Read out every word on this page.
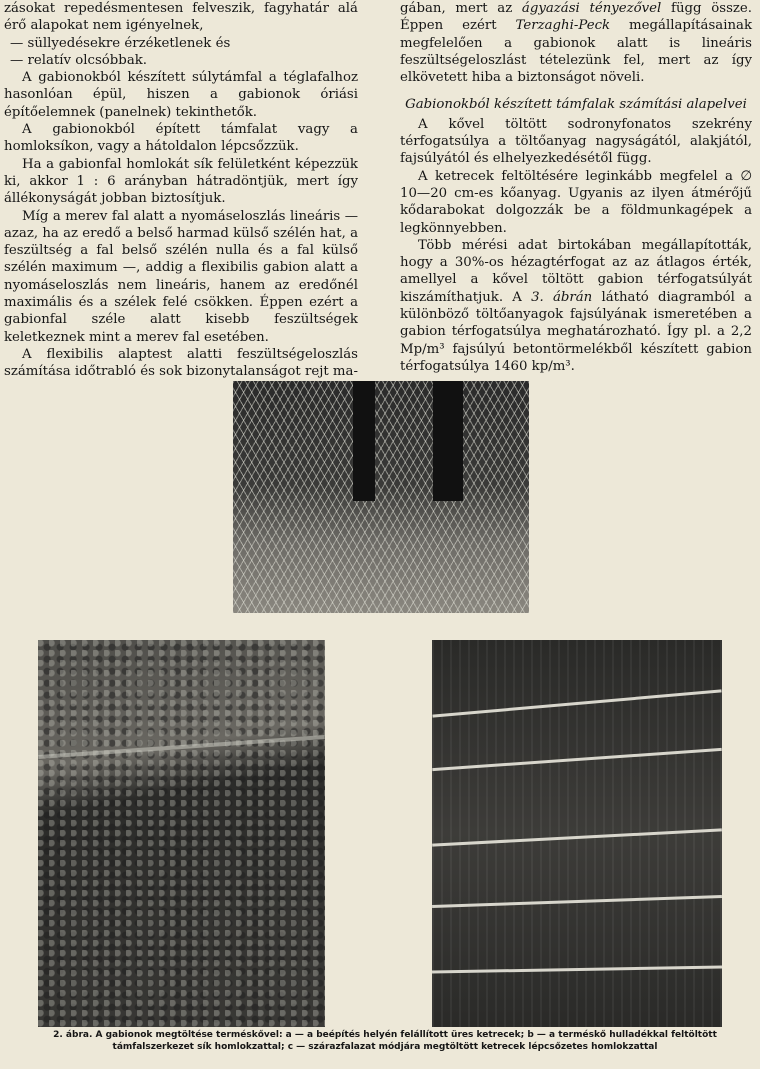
zásokat repedésmentesen felveszik, fagyhatár alá érő alapokat nem igényelnek,

— süllyedésekre érzéketlenek és
— relatív olcsóbbak.

A gabionokból készített súlytámfal a téglafalhoz hasonlóan épül, hiszen a gabionok óriási építőelemnek (panelnek) tekinthetők.

A gabionokból épített támfalat vagy a homloksíkon, vagy a hátoldalon lépcsőzzük.

Ha a gabionfal homlokát sík felületként képezzük ki, akkor 1 : 6 arányban hátradöntjük, mert így állékonyságát jobban biztosítjuk.

Míg a merev fal alatt a nyomáseloszlás lineáris — azaz, ha az eredő a belső harmad külső szélén hat, a feszültség a fal belső szélén nulla és a fal külső szélén maximum —, addig a flexibilis gabion alatt a nyomáseloszlás nem lineáris, hanem az eredőnél maximális és a szélek felé csökken. Éppen ezért a gabionfal széle alatt kisebb feszültségek keletkeznek mint a merev fal esetében.

A flexibilis alaptest alatti feszültségeloszlás számítása időtrabló és sok bizonytalanságot rejt ma-

gában, mert az ágyazási tényezővel függ össze. Éppen ezért Terzaghi-Peck megállapításainak megfelelően a gabionok alatt is lineáris feszültségeloszlást tételezünk fel, mert az így elkövetett hiba a biztonságot növeli.

Gabionokból készített támfalak számítási alapelvei

A kővel töltött sodronyfonatos szekrény térfogatsúlya a töltőanyag nagyságától, alakjától, fajsúlyától és elhelyezkedésétől függ.

A ketrecek feltöltésére leginkább megfelel a ∅ 10—20 cm-es kőanyag. Ugyanis az ilyen átmérőjű kődarabokat dolgozzák be a földmunkagépek a legkönnyebben.

Több mérési adat birtokában megállapították, hogy a 30%-os hézagtérfogat az az átlagos érték, amellyel a kővel töltött gabion térfogatsúlyát kiszámíthatjuk. A 3. ábrán látható diagramból a különböző töltőanyagok fajsúlyának ismeretében a gabion térfogatsúlya meghatározható. Így pl. a 2,2 Mp/m³ fajsúlyú betontörmelékből készített gabion térfogatsúlya 1460 kp/m³.

2. ábra. A gabionok megtöltése terméskővel: a — a beépítés helyén felállított üres ketrecek; b — a terméskő hulladékkal feltöltött támfalszerkezet sík homlokzattal; c — szárazfalazat módjára megtöltött ketrecek lépcsőzetes homlokzattal
